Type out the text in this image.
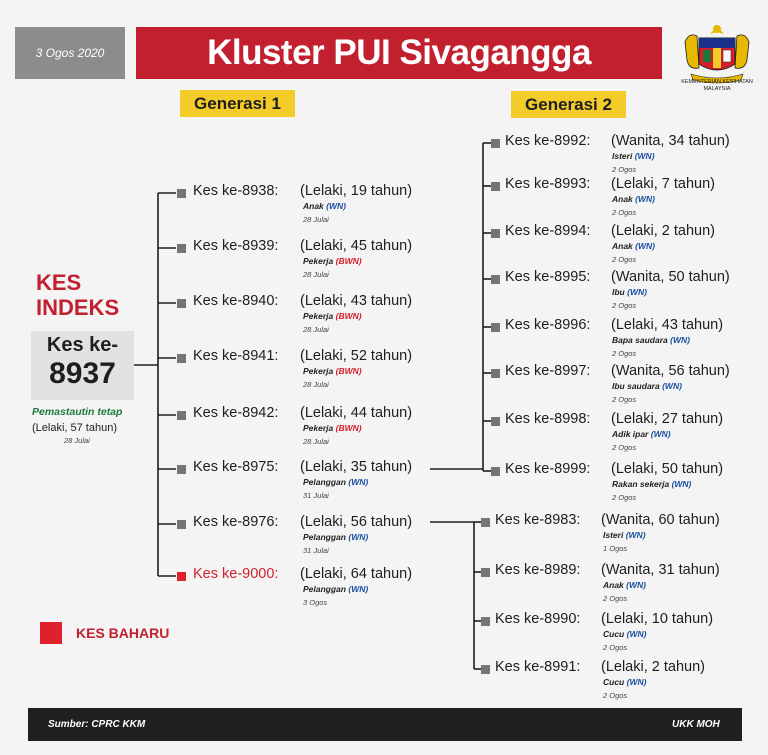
3 Ogos 2020	Kluster PUI Sivagangga
KEMENTERIAN KESIHATAN
MALAYSIA
Generasi 1	Generasi 2
KES
INDEKS
Kes ke-
8937
Pemastautin tetap
(Lelaki, 57 tahun)
28 Julai
Kes ke-8938: (Lelaki, 19 tahun)
Anak (WN)
28 Julai
Kes ke-8939: (Lelaki, 45 tahun)
Pekerja (BWN)
28 Julai
Kes ke-8940: (Lelaki, 43 tahun)
Pekerja (BWN)
28 Julai
Kes ke-8941: (Lelaki, 52 tahun)
Pekerja (BWN)
28 Julai
Kes ke-8942: (Lelaki, 44 tahun)
Pekerja (BWN)
28 Julai
Kes ke-8975: (Lelaki, 35 tahun)
Pelanggan (WN)
31 Julai
Kes ke-8976: (Lelaki, 56 tahun)
Pelanggan (WN)
31 Julai
Kes ke-9000: (Lelaki, 64 tahun)
Pelanggan (WN)
3 Ogos
Kes ke-8992: (Wanita, 34 tahun)
Isteri (WN)
2 Ogos
Kes ke-8993: (Lelaki, 7 tahun)
Anak (WN)
2 Ogos
Kes ke-8994: (Lelaki, 2 tahun)
Anak (WN)
2 Ogos
Kes ke-8995: (Wanita, 50 tahun)
Ibu (WN)
2 Ogos
Kes ke-8996: (Lelaki, 43 tahun)
Bapa saudara (WN)
2 Ogos
Kes ke-8997: (Wanita, 56 tahun)
Ibu saudara (WN)
2 Ogos
Kes ke-8998: (Lelaki, 27 tahun)
Adik ipar (WN)
2 Ogos
Kes ke-8999: (Lelaki, 50 tahun)
Rakan sekerja (WN)
2 Ogos
Kes ke-8983: (Wanita, 60 tahun)
Isteri (WN)
1 Ogos
Kes ke-8989: (Wanita, 31 tahun)
Anak (WN)
2 Ogos
Kes ke-8990: (Lelaki, 10 tahun)
Cucu (WN)
2 Ogos
Kes ke-8991: (Lelaki, 2 tahun)
Cucu (WN)
2 Ogos
KES BAHARU
Sumber: CPRC KKM	UKK MOH
